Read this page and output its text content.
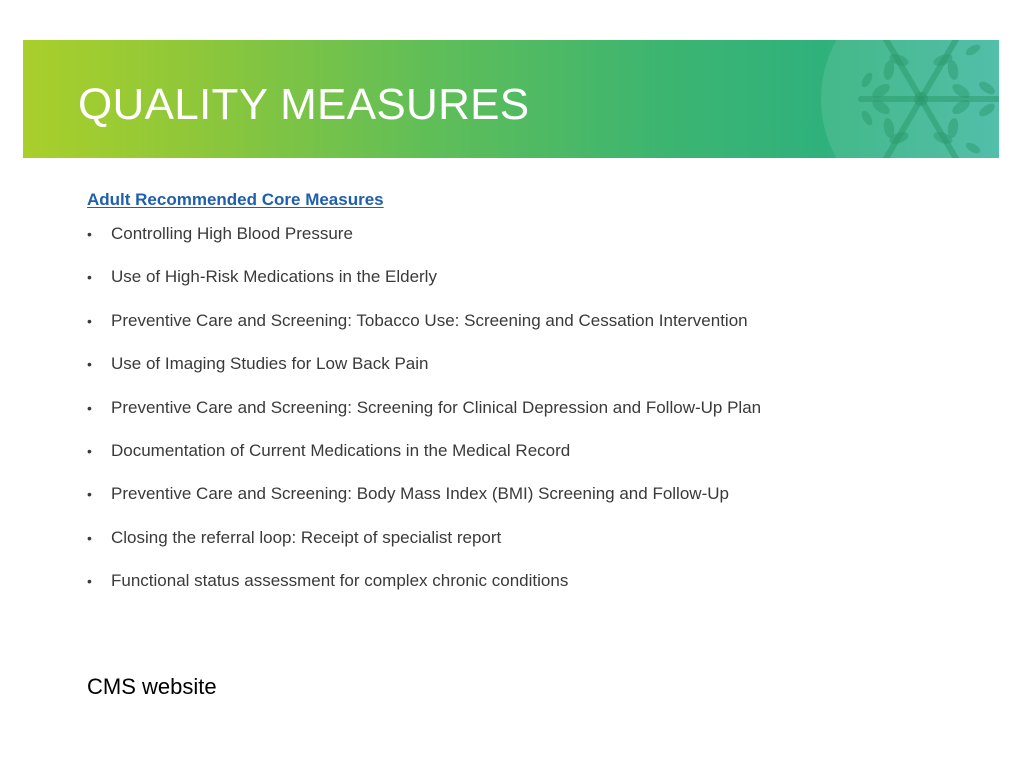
QUALITY MEASURES

Adult Recommended Core Measures

• Controlling High Blood Pressure
• Use of High-Risk Medications in the Elderly
• Preventive Care and Screening: Tobacco Use: Screening and Cessation Intervention
• Use of Imaging Studies for Low Back Pain
• Preventive Care and Screening: Screening for Clinical Depression and Follow-Up Plan
• Documentation of Current Medications in the Medical Record
• Preventive Care and Screening: Body Mass Index (BMI) Screening and Follow-Up
• Closing the referral loop: Receipt of specialist report
• Functional status assessment for complex chronic conditions
CMS website
